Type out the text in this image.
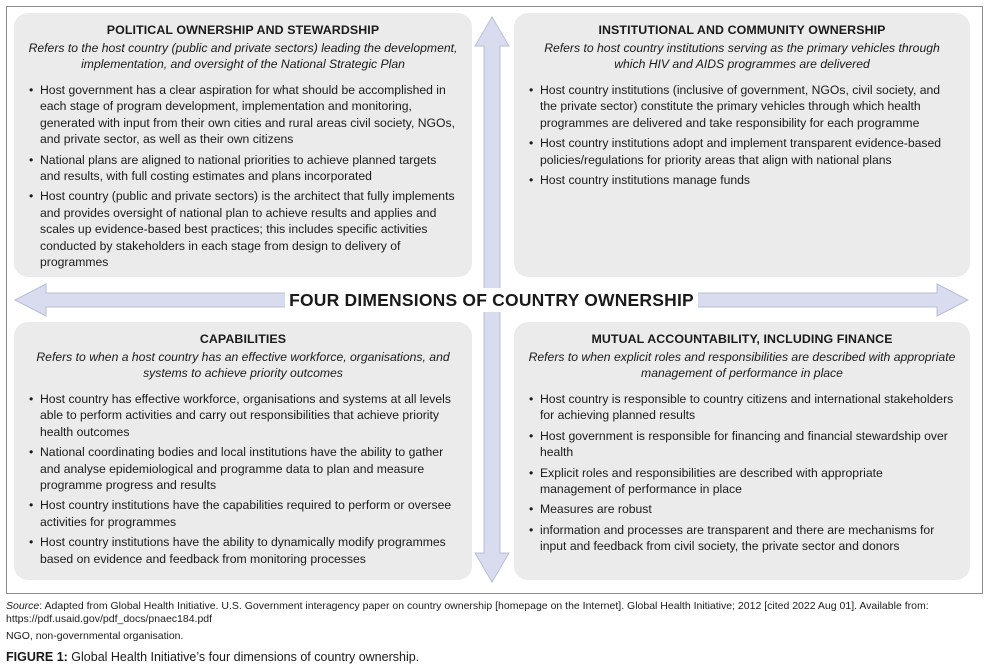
POLITICAL OWNERSHIP AND STEWARDSHIP
Refers to the host country (public and private sectors) leading the development, implementation, and oversight of the National Strategic Plan
• Host government has a clear aspiration for what should be accomplished in each stage of program development, implementation and monitoring, generated with input from their own cities and rural areas civil society, NGOs, and private sector, as well as their own citizens
• National plans are aligned to national priorities to achieve planned targets and results, with full costing estimates and plans incorporated
• Host country (public and private sectors) is the architect that fully implements and provides oversight of national plan to achieve results and applies and scales up evidence-based best practices; this includes specific activities conducted by stakeholders in each stage from design to delivery of programmes
INSTITUTIONAL AND COMMUNITY OWNERSHIP
Refers to host country institutions serving as the primary vehicles through which HIV and AIDS programmes are delivered
• Host country institutions (inclusive of government, NGOs, civil society, and the private sector) constitute the primary vehicles through which health programmes are delivered and take responsibility for each programme
• Host country institutions adopt and implement transparent evidence-based policies/regulations for priority areas that align with national plans
• Host country institutions manage funds
FOUR DIMENSIONS OF COUNTRY OWNERSHIP
CAPABILITIES
Refers to when a host country has an effective workforce, organisations, and systems to achieve priority outcomes
• Host country has effective workforce, organisations and systems at all levels able to perform activities and carry out responsibilities that achieve priority health outcomes
• National coordinating bodies and local institutions have the ability to gather and analyse epidemiological and programme data to plan and measure programme progress and results
• Host country institutions have the capabilities required to perform or oversee activities for programmes
• Host country institutions have the ability to dynamically modify programmes based on evidence and feedback from monitoring processes
MUTUAL ACCOUNTABILITY, INCLUDING FINANCE
Refers to when explicit roles and responsibilities are described with appropriate management of performance in place
• Host country is responsible to country citizens and international stakeholders for achieving planned results
• Host government is responsible for financing and financial stewardship over health
• Explicit roles and responsibilities are described with appropriate management of performance in place
• Measures are robust
• information and processes are transparent and there are mechanisms for input and feedback from civil society, the private sector and donors
Source: Adapted from Global Health Initiative. U.S. Government interagency paper on country ownership [homepage on the Internet]. Global Health Initiative; 2012 [cited 2022 Aug 01]. Available from: https://pdf.usaid.gov/pdf_docs/pnaec184.pdf
NGO, non-governmental organisation.
FIGURE 1: Global Health Initiative’s four dimensions of country ownership.
